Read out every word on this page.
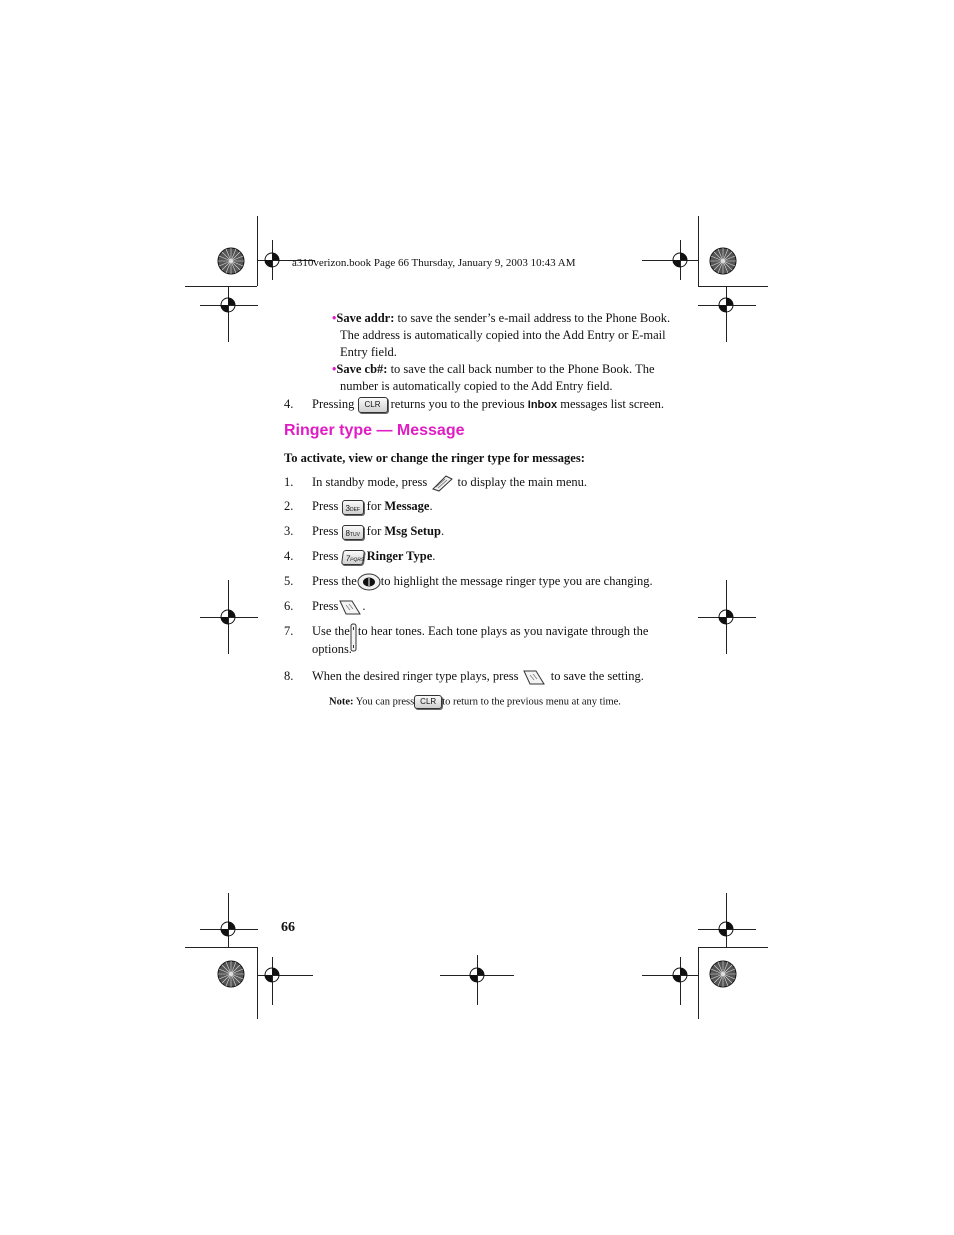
a310verizon.book Page 66 Thursday, January 9, 2003 10:43 AM
•Save addr: to save the sender’s e-mail address to the Phone Book.
The address is automatically copied into the Add Entry or E-mail
Entry field.
•Save cb#: to save the call back number to the Phone Book. The
number is automatically copied to the Add Entry field.
4. Pressing CLR returns you to the previous Inbox messages list screen.
Ringer type — Message
To activate, view or change the ringer type for messages:
1. In standby mode, press to display the main menu.
2. Press 3DEF for Message.
3. Press 8TUV for Msg Setup.
4. Press 7PQRS Ringer Type.
5. Press the to highlight the message ringer type you are changing.
6. Press .
7. Use the to hear tones. Each tone plays as you navigate through the
options.
8. When the desired ringer type plays, press	to save the setting.
Note: You can press CLR to return to the previous menu at any time.
66
